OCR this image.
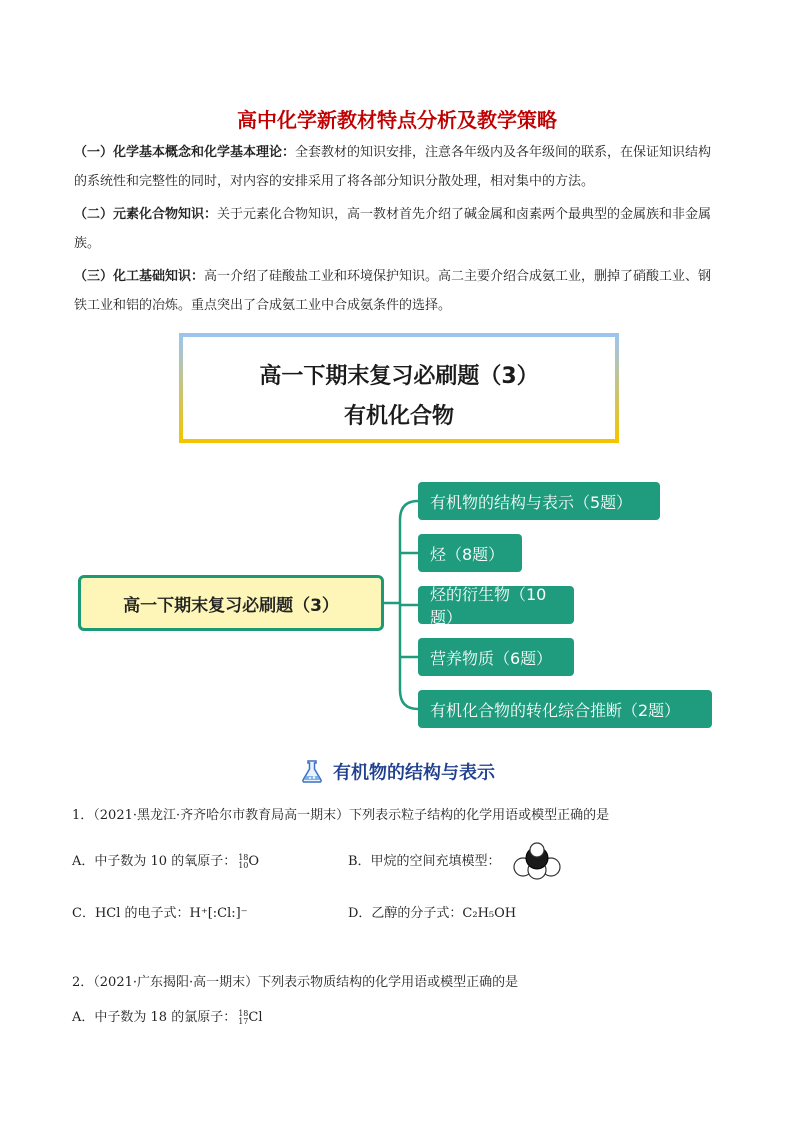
高中化学新教材特点分析及教学策略
（一）化学基本概念和化学基本理论：全套教材的知识安排，注意各年级内及各年级间的联系，在保证知识结构的系统性和完整性的同时，对内容的安排采用了将各部分知识分散处理，相对集中的方法。
（二）元素化合物知识：关于元素化合物知识，高一教材首先介绍了碱金属和卤素两个最典型的金属族和非金属族。
（三）化工基础知识：高一介绍了硅酸盐工业和环境保护知识。高二主要介绍合成氨工业，删掉了硝酸工业、钢铁工业和铝的冶炼。重点突出了合成氨工业中合成氨条件的选择。
高一下期末复习必刷题（3）
有机化合物
高一下期末复习必刷题（3）
有机物的结构与表示（5题）
烃（8题）
烃的衍生物（10题）
营养物质（6题）
有机化合物的转化综合推断（2题）
有机物的结构与表示
1．（2021·黑龙江·齐齐哈尔市教育局高一期末）下列表示粒子结构的化学用语或模型正确的是
A．中子数为 10 的氧原子： 18
10 O	B．甲烷的空间充填模型：
C．HCl 的电子式：H⁺[:Cl:]⁻	D．乙醇的分子式：C₂H₅OH
2．（2021·广东揭阳·高一期末）下列表示物质结构的化学用语或模型正确的是
A．中子数为 18 的氯原子： 18
17 Cl
